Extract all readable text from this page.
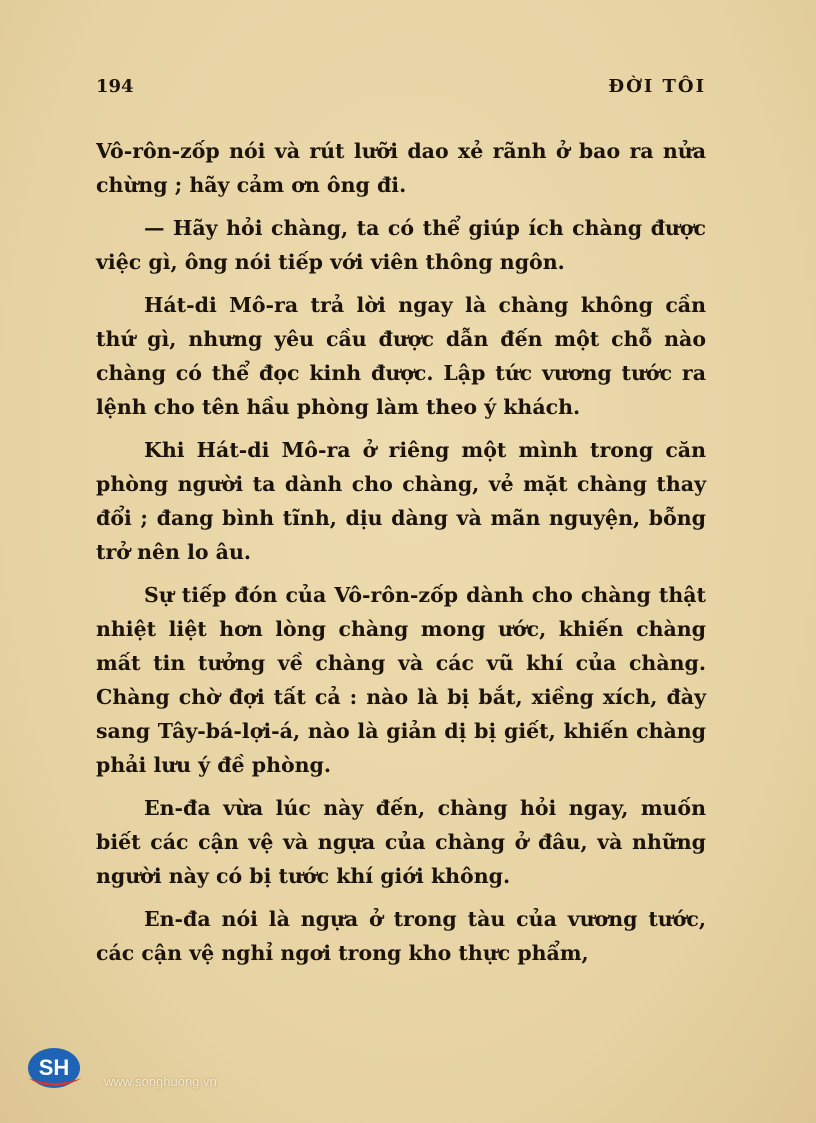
194	ĐỜI TÔI

Vô-rôn-zốp nói và rút lưỡi dao xẻ rãnh ở bao ra nửa chừng ; hãy cảm ơn ông đi.

— Hãy hỏi chàng, ta có thể giúp ích chàng được việc gì, ông nói tiếp với viên thông ngôn.

Hát-di Mô-ra trả lời ngay là chàng không cần thứ gì, nhưng yêu cầu được dẫn đến một chỗ nào chàng có thể đọc kinh được. Lập tức vương tước ra lệnh cho tên hầu phòng làm theo ý khách.

Khi Hát-di Mô-ra ở riêng một mình trong căn phòng người ta dành cho chàng, vẻ mặt chàng thay đổi ; đang bình tĩnh, dịu dàng và mãn nguyện, bỗng trở nên lo âu.

Sự tiếp đón của Vô-rôn-zốp dành cho chàng thật nhiệt liệt hơn lòng chàng mong ước, khiến chàng mất tin tưởng về chàng và các vũ khí của chàng. Chàng chờ đợi tất cả : nào là bị bắt, xiềng xích, đày sang Tây-bá-lợi-á, nào là giản dị bị giết, khiến chàng phải lưu ý đề phòng.

En-đa vừa lúc này đến, chàng hỏi ngay, muốn biết các cận vệ và ngựa của chàng ở đâu, và những người này có bị tước khí giới không.

En-đa nói là ngựa ở trong tàu của vương tước, các cận vệ nghỉ ngơi trong kho thực phẩm,

SH
www.songhuong.vn
